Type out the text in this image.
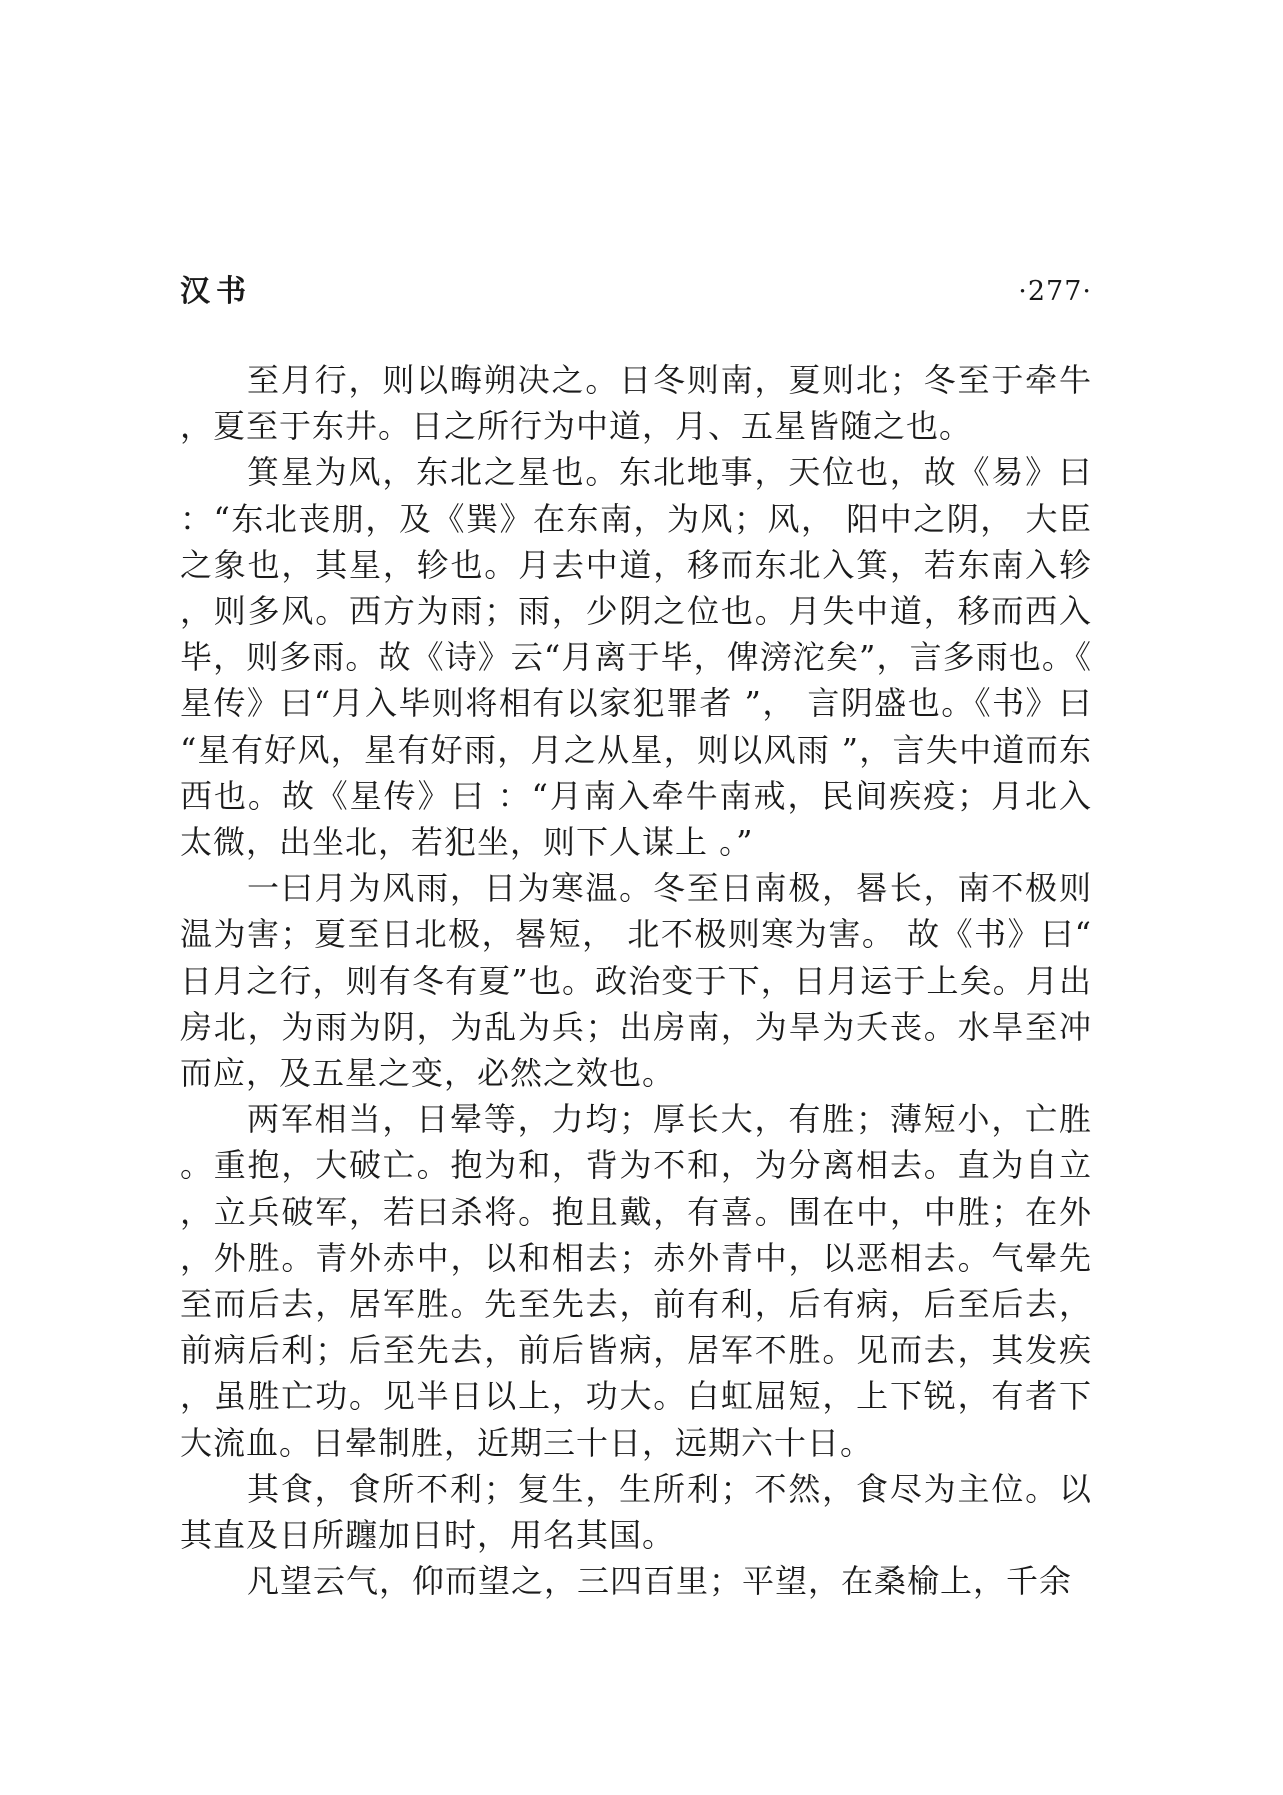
汉书	·277·

至月行，则以晦朔决之。日冬则南，夏则北；冬至于牵牛，夏至于东井。日之所行为中道，月、五星皆随之也。

箕星为风，东北之星也。东北地事，天位也，故《易》曰：“东北丧朋，及《巽》在东南，为风；风， 阳中之阴， 大臣之象也，其星，轸也。月去中道，移而东北入箕，若东南入轸，则多风。西方为雨；雨，少阴之位也。月失中道，移而西入毕，则多雨。故《诗》云“月离于毕，俾滂沱矣”，言多雨也。《星传》曰“月入毕则将相有以家犯罪者 ”， 言阴盛也。《书》曰“星有好风，星有好雨，月之从星，则以风雨 ”，言失中道而东西也。故《星传》曰 ：“月南入牵牛南戒，民间疾疫；月北入太微，出坐北，若犯坐，则下人谋上 。”

一曰月为风雨，日为寒温。冬至日南极，晷长，南不极则温为害；夏至日北极，晷短， 北不极则寒为害。 故《书》曰“日月之行，则有冬有夏”也。政治变于下，日月运于上矣。月出房北，为雨为阴，为乱为兵；出房南，为旱为夭丧。水旱至冲而应，及五星之变，必然之效也。

两军相当，日晕等，力均；厚长大，有胜；薄短小，亡胜。重抱，大破亡。抱为和，背为不和，为分离相去。直为自立，立兵破军，若曰杀将。抱且戴，有喜。围在中，中胜；在外，外胜。青外赤中，以和相去；赤外青中，以恶相去。气晕先至而后去，居军胜。先至先去，前有利，后有病，后至后去，前病后利；后至先去，前后皆病，居军不胜。见而去，其发疾，虽胜亡功。见半日以上，功大。白虹屈短，上下锐，有者下大流血。日晕制胜，近期三十日，远期六十日。

其食，食所不利；复生，生所利；不然，食尽为主位。以其直及日所躔加日时，用名其国。

凡望云气，仰而望之，三四百里；平望，在桑榆上，千余
